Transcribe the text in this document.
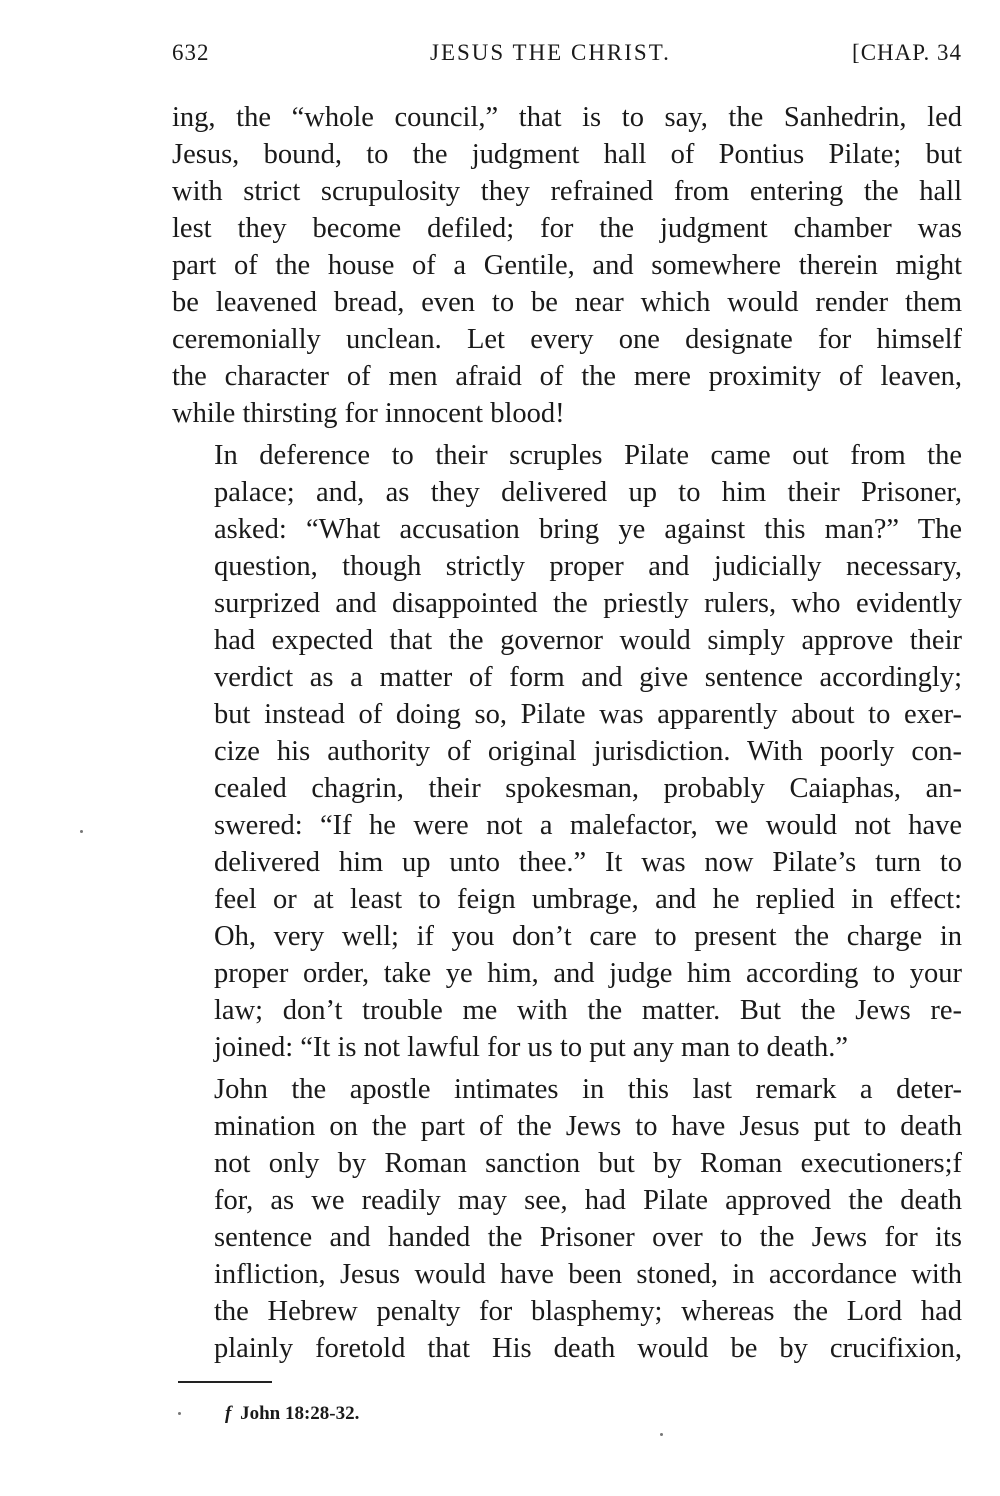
632	JESUS THE CHRIST.	[CHAP. 34

ing, the “whole council,” that is to say, the Sanhedrin, led
Jesus, bound, to the judgment hall of Pontius Pilate; but
with strict scrupulosity they refrained from entering the hall
lest they become defiled; for the judgment chamber was
part of the house of a Gentile, and somewhere therein might
be leavened bread, even to be near which would render them
ceremonially unclean. Let every one designate for himself
the character of men afraid of the mere proximity of leaven,
while thirsting for innocent blood!

In deference to their scruples Pilate came out from the
palace; and, as they delivered up to him their Prisoner,
asked: “What accusation bring ye against this man?” The
question, though strictly proper and judicially necessary,
surprized and disappointed the priestly rulers, who evidently
had expected that the governor would simply approve their
verdict as a matter of form and give sentence accordingly;
but instead of doing so, Pilate was apparently about to exer-
cize his authority of original jurisdiction. With poorly con-
cealed chagrin, their spokesman, probably Caiaphas, an-
swered: “If he were not a malefactor, we would not have
delivered him up unto thee.” It was now Pilate’s turn to
feel or at least to feign umbrage, and he replied in effect:
Oh, very well; if you don’t care to present the charge in
proper order, take ye him, and judge him according to your
law; don’t trouble me with the matter. But the Jews re-
joined: “It is not lawful for us to put any man to death.”

John the apostle intimates in this last remark a deter-
mination on the part of the Jews to have Jesus put to death
not only by Roman sanction but by Roman executioners;f
for, as we readily may see, had Pilate approved the death
sentence and handed the Prisoner over to the Jews for its
infliction, Jesus would have been stoned, in accordance with
the Hebrew penalty for blasphemy; whereas the Lord had
plainly foretold that His death would be by crucifixion,

f John 18:28-32.
